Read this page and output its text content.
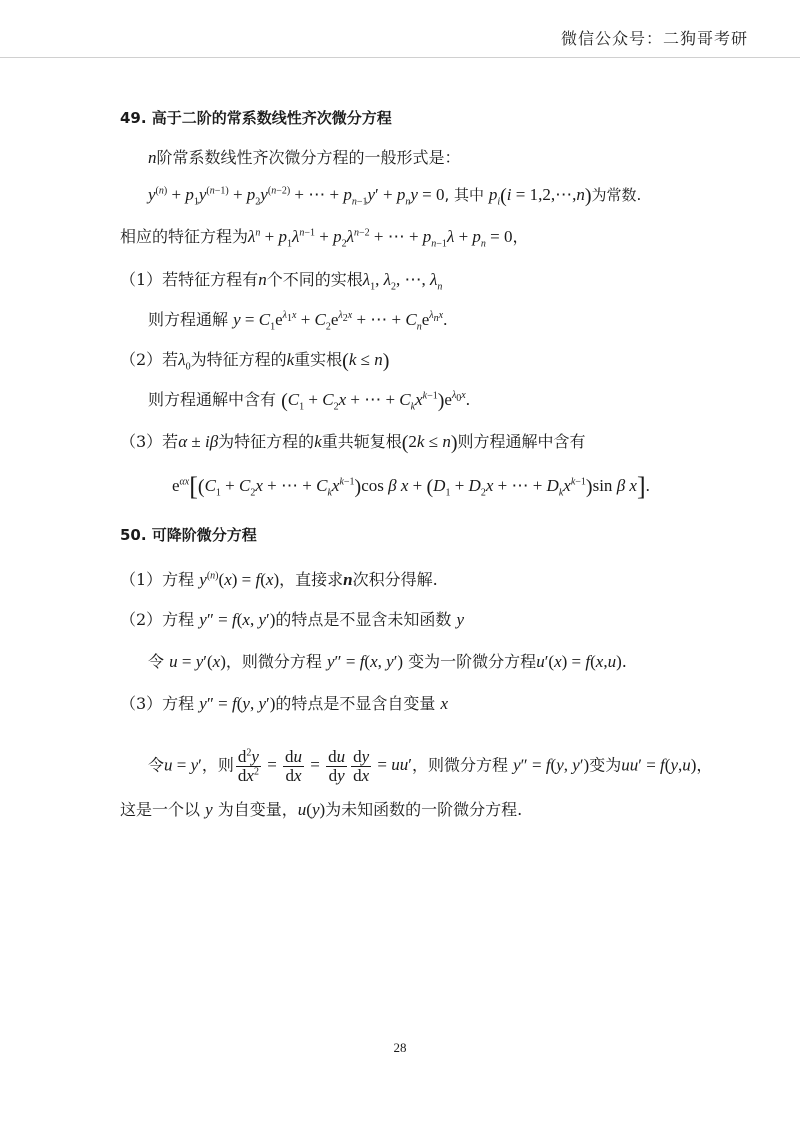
微信公众号：二狗哥考研
49. 高于二阶的常系数线性齐次微分方程
n阶常系数线性齐次微分方程的一般形式是：
$y^{(n)} + p_1y^{(n-1)} + p_2y^{(n-2)}$ + ⋯ + $p_{n-1}y' + p_ny = 0$, 其中 $p_i(i$ = 1,2,⋯,n)为常数.
相应的特征方程为$\lambda^n + p_1\lambda^{n-1} + p_2\lambda^{n-2}$ + ⋯ + $p_{n-1}\lambda + p_n = 0$，
（1）若特征方程有n个不同的实根$\lambda_1$, $\lambda_2$, ⋯, $\lambda_n$
则方程通解 $y = C_1e^{\lambda_1x} + C_2e^{\lambda_2x}$ + ⋯ + $C_ne^{\lambda_nx}$.
（2）若$\lambda_0$为特征方程的k重实根(k ≤ n)
则方程通解中含有 ($C_1 + C_2x$ + ⋯ + $C_kx^{k-1})e^{\lambda_0x}$.
（3）若α ± iβ为特征方程的k重共轭复根(2k ≤ n)则方程通解中含有
$e^{\alpha x}[(C_1 + C_2x$ + ⋯ + $C_kx^{k-1})\cos$ β $x + (D_1 + D_2x$ + ⋯ + $D_kx^{k-1})\sin$ β x].
50. 可降阶微分方程
（1）方程 $y^{(n)}(x) = f(x)$，直接求n次积分得解.
（2）方程 y″ = f(x, y′)的特点是不显含未知函数 y
令 u = y′(x)，则微分方程 y″ = f(x, y′) 变为一阶微分方程u′(x) = f(x,u).
（3）方程 y″ = f(y, y′)的特点是不显含自变量 x
令u = y′，则 $\frac{d^2y}{dx^2} = \frac{du}{dx} = \frac{du}{dy} \frac{dy}{dx} = uu'$，则微分方程 y″ = f(y, y′)变为uu′ = f(y,u)，
这是一个以 y 为自变量，u(y)为未知函数的一阶微分方程.
28
